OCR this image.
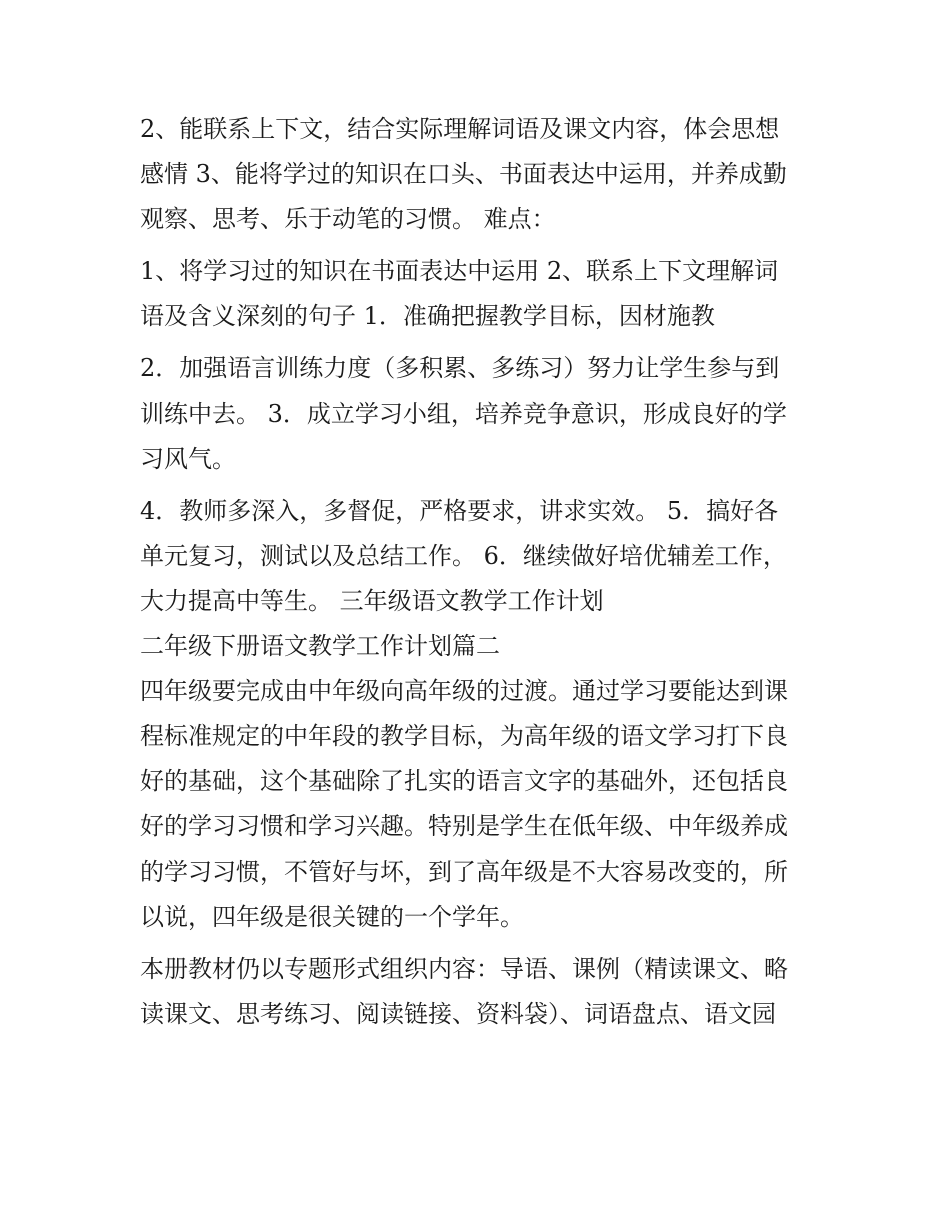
2、能联系上下文，结合实际理解词语及课文内容，体会思想
感情 3、能将学过的知识在口头、书面表达中运用，并养成勤
观察、思考、乐于动笔的习惯。 难点：
1、将学习过的知识在书面表达中运用 2、联系上下文理解词
语及含义深刻的句子 1．准确把握教学目标，因材施教
2．加强语言训练力度（多积累、多练习）努力让学生参与到
训练中去。 3．成立学习小组，培养竞争意识，形成良好的学
习风气。
4．教师多深入，多督促，严格要求，讲求实效。 5．搞好各
单元复习，测试以及总结工作。 6．继续做好培优辅差工作，
大力提高中等生。 三年级语文教学工作计划
二年级下册语文教学工作计划篇二
四年级要完成由中年级向高年级的过渡。通过学习要能达到课
程标准规定的中年段的教学目标，为高年级的语文学习打下良
好的基础，这个基础除了扎实的语言文字的基础外，还包括良
好的学习习惯和学习兴趣。特别是学生在低年级、中年级养成
的学习习惯，不管好与坏，到了高年级是不大容易改变的，所
以说，四年级是很关键的一个学年。
本册教材仍以专题形式组织内容：导语、课例（精读课文、略
读课文、思考练习、阅读链接、资料袋）、词语盘点、语文园
